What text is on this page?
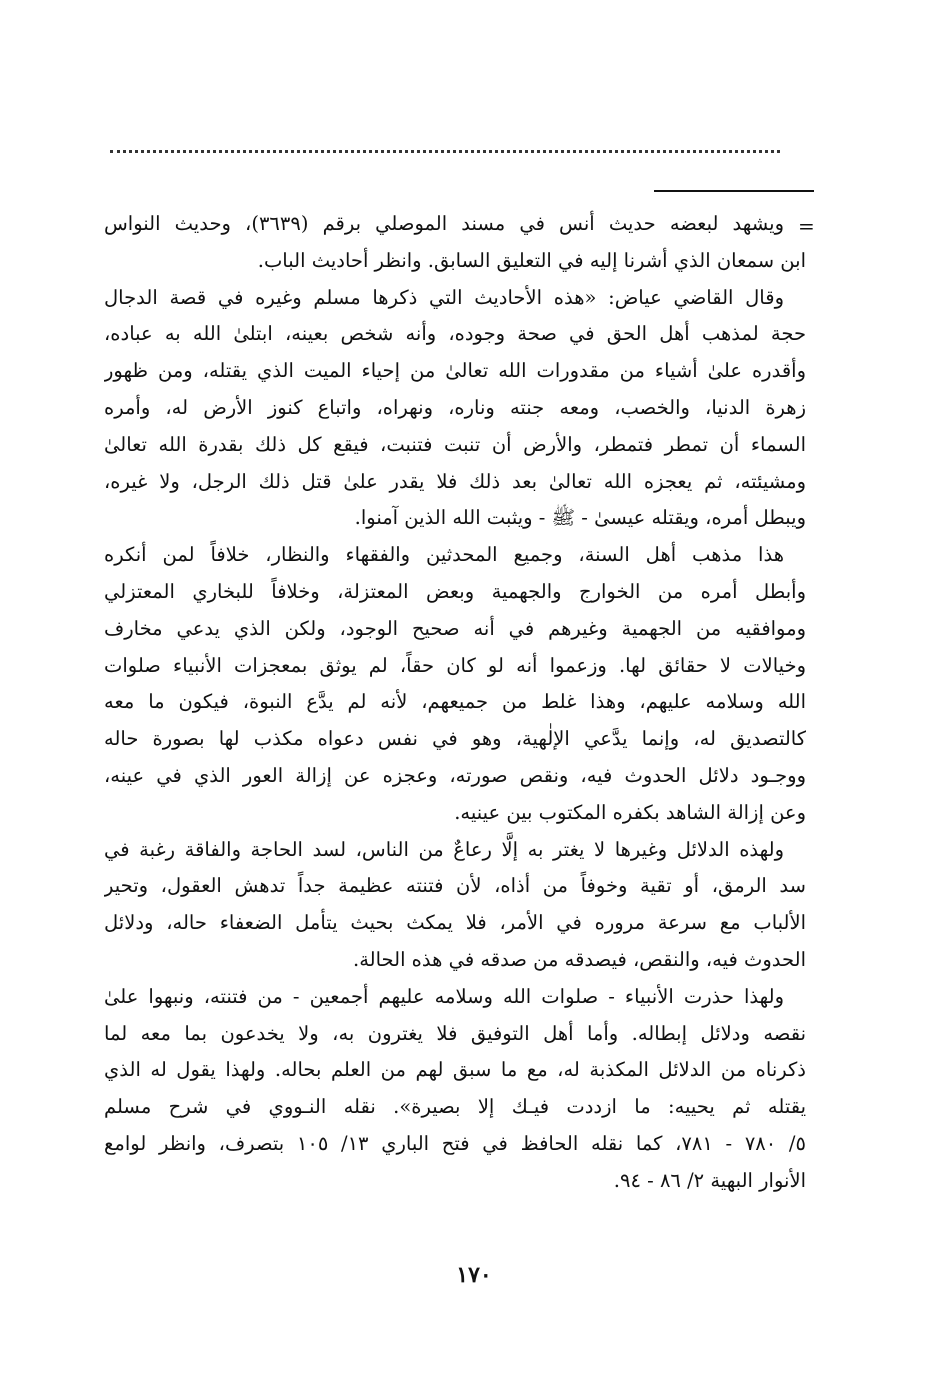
=
ويشهد لبعضه حديث أنس في مسند الموصلي برقم (٣٦٣٩)، وحديث النواس
ابن سمعان الذي أشرنا إليه في التعليق السابق. وانظر أحاديث الباب.
وقال القاضي عياض: «هذه الأحاديث التي ذكرها مسلم وغيره في قصة الدجال
حجة لمذهب أهل الحق في صحة وجوده، وأنه شخص بعينه، ابتلىٰ الله به عباده،
وأقدره علىٰ أشياء من مقدورات الله تعالىٰ من إحياء الميت الذي يقتله، ومن ظهور
زهرة الدنيا، والخصب، ومعه جنته وناره، ونهراه، واتباع كنوز الأرض له، وأمره
السماء أن تمطر فتمطر، والأرض أن تنبت فتنبت، فيقع كل ذلك بقدرة الله تعالىٰ
ومشيئته، ثم يعجزه الله تعالىٰ بعد ذلك فلا يقدر علىٰ قتل ذلك الرجل، ولا غيره،
ويبطل أمره، ويقتله عيسىٰ - ﷺ - ويثبت الله الذين آمنوا.
هذا مذهب أهل السنة، وجميع المحدثين والفقهاء والنظار، خلافاً لمن أنكره
وأبطل أمره من الخوارج والجهمية وبعض المعتزلة، وخلافاً للبخاري المعتزلي
وموافقيه من الجهمية وغيرهم في أنه صحيح الوجود، ولكن الذي يدعي مخارف
وخيالات لا حقائق لها. وزعموا أنه لو كان حقاً، لم يوثق بمعجزات الأنبياء صلوات
الله وسلامه عليهم، وهذا غلط من جميعهم، لأنه لم يدَّع النبوة، فيكون ما معه
كالتصديق له، وإنما يدَّعي الإلٰهية، وهو في نفس دعواه مكذب لها بصورة حاله
ووجـود دلائل الحدوث فيه، ونقص صورته، وعجزه عن إزالة العور الذي في عينه،
وعن إزالة الشاهد بكفره المكتوب بين عينيه.
ولهذه الدلائل وغيرها لا يغتر به إلَّا رعاعٌ من الناس، لسد الحاجة والفاقة رغبة في
سد الرمق، أو تقية وخوفاً من أذاه، لأن فتنته عظيمة جداً تدهش العقول، وتحير
الألباب مع سرعة مروره في الأمر، فلا يمكث بحيث يتأمل الضعفاء حاله، ودلائل
الحدوث فيه، والنقص، فيصدقه من صدقه في هذه الحالة.
ولهذا حذرت الأنبياء - صلوات الله وسلامه عليهم أجمعين - من فتنته، ونبهوا علىٰ
نقصه ودلائل إبطاله. وأما أهل التوفيق فلا يغترون به، ولا يخدعون بما معه لما
ذكرناه من الدلائل المكذبة له، مع ما سبق لهم من العلم بحاله. ولهذا يقول له الذي
يقتله ثم يحييه: ما ازددت فيـك إلا بصيرة». نقله النـووي في شرح مسلم
٥/ ٧٨٠ - ٧٨١، كما نقله الحافظ في فتح الباري ١٣/ ١٠٥ بتصرف، وانظر لوامع
الأنوار البهية ٢/ ٨٦ - ٩٤.
١٧٠
